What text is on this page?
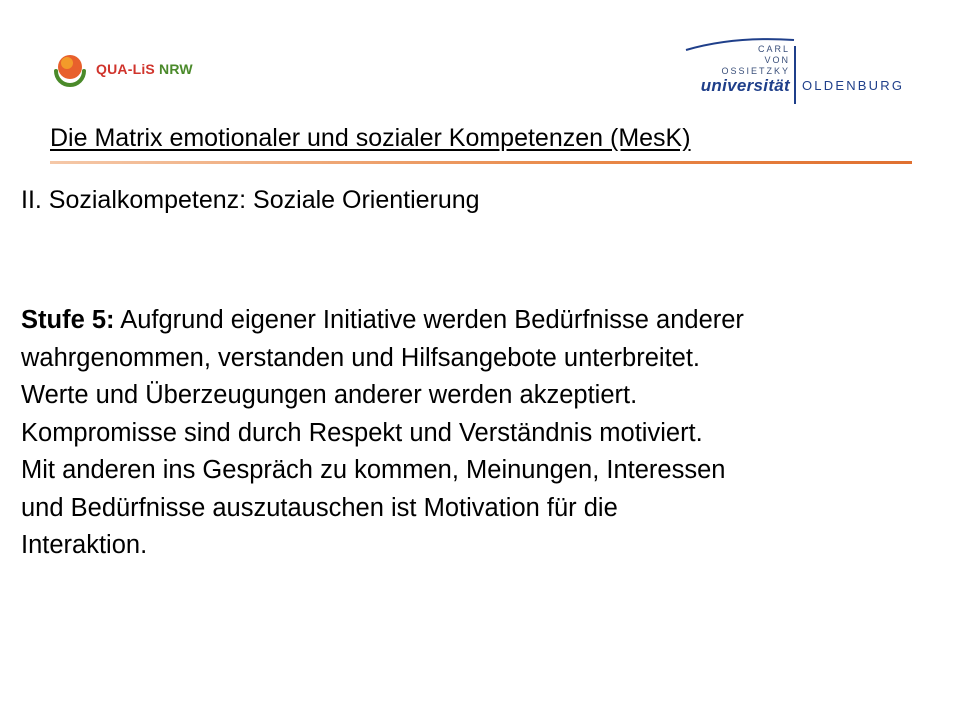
QUA-LiS NRW
CARL
VON
OSSIETZKY
universität OLDENBURG
Die Matrix emotionaler und sozialer Kompetenzen (MesK)
II. Sozialkompetenz: Soziale Orientierung

Stufe 5: Aufgrund eigener Initiative werden Bedürfnisse anderer

wahrgenommen, verstanden und Hilfsangebote unterbreitet.

Werte und Überzeugungen anderer werden akzeptiert.

Kompromisse sind durch Respekt und Verständnis motiviert.

Mit anderen ins Gespräch zu kommen, Meinungen, Interessen

und Bedürfnisse auszutauschen ist Motivation für die

Interaktion.
